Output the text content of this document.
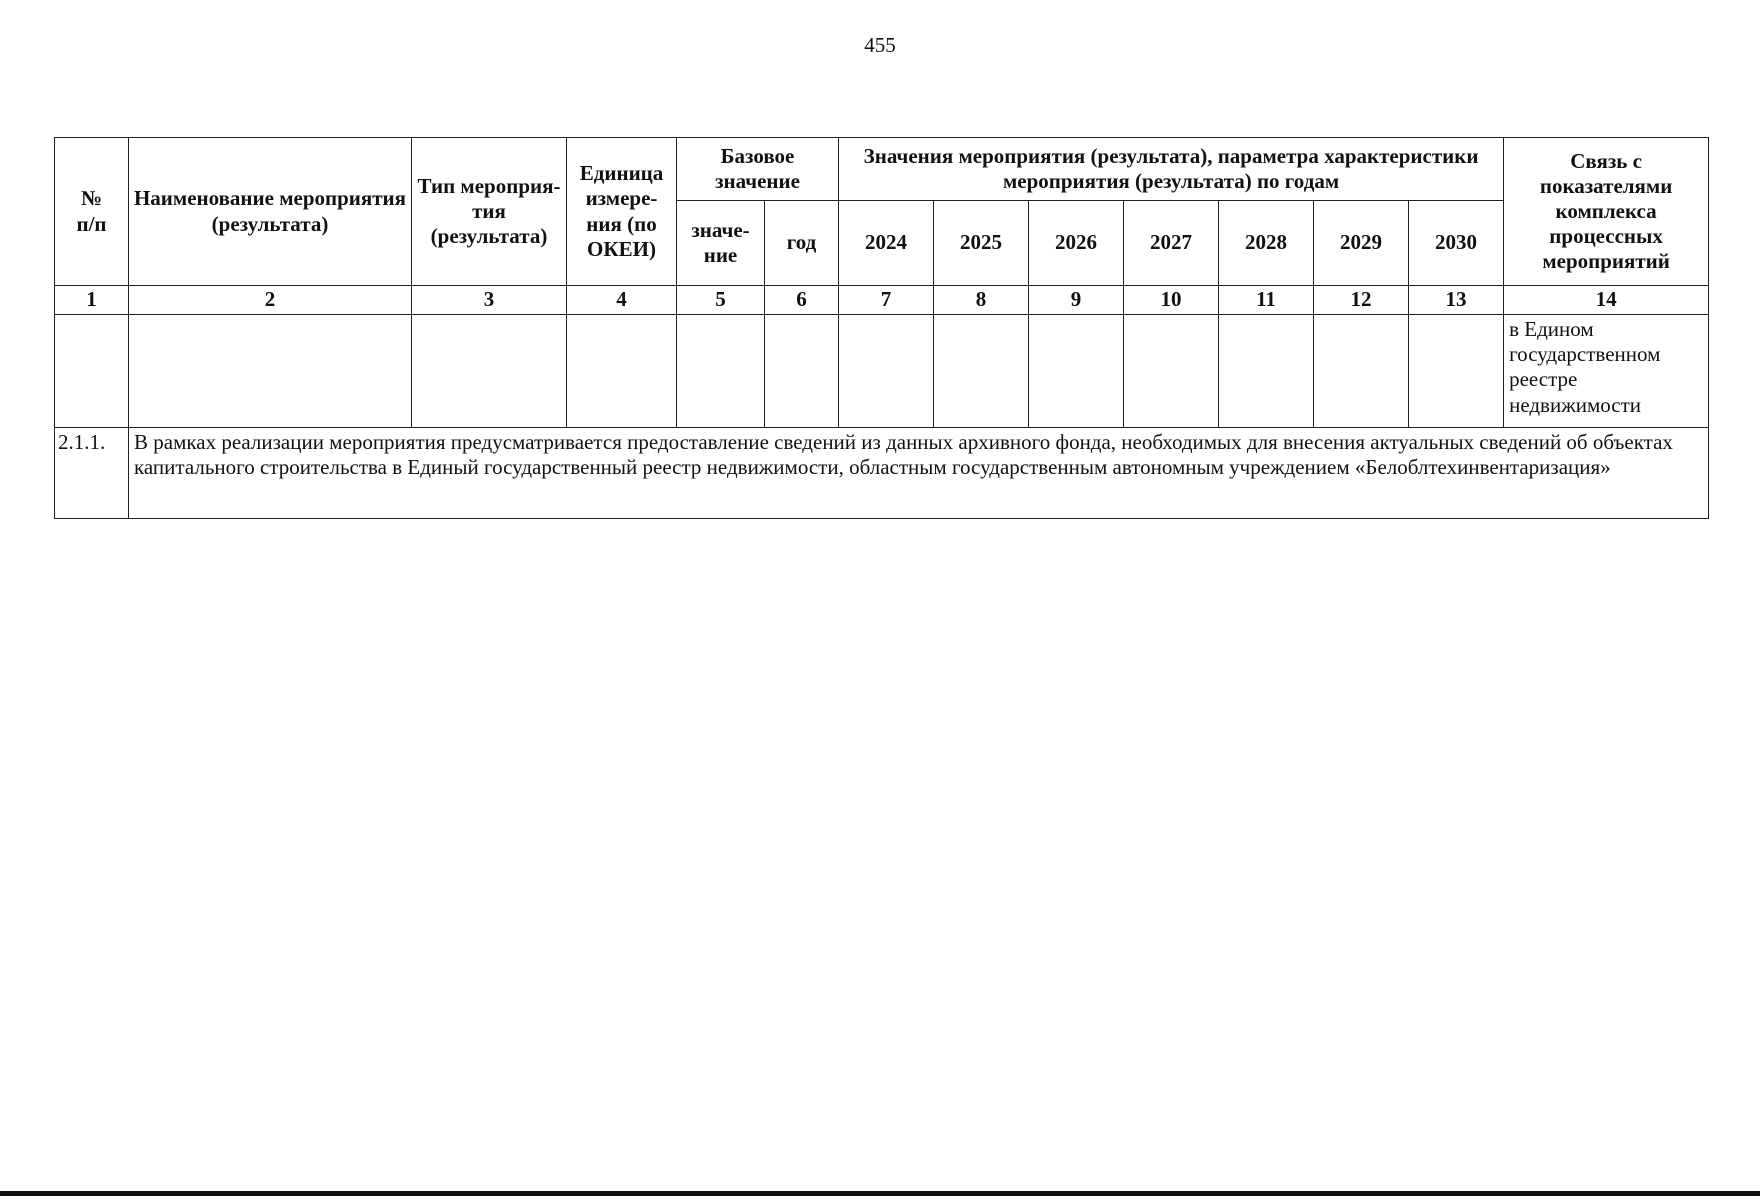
455
№
п/п	Наименование мероприятия (результата)	Тип мероприя-тия (результата)	Единица измере-ния (по ОКЕИ)	Базовое значение		Значения мероприятия (результата), параметра характеристики мероприятия (результата) по годам							Связь с показателями комплекса процессных мероприятий
				значе-ние	год	2024	2025	2026	2027	2028	2029	2030	
1	2	3	4	5	6	7	8	9	10	11	12	13	14
													в Едином государственном реестре недвижимости
2.1.1.	В рамках реализации мероприятия предусматривается предоставление сведений из данных архивного фонда, необходимых для внесения актуальных сведений об объектах капитального строительства в Единый государственный реестр недвижимости, областным государственным автономным учреждением «Белоблтехинвентаризация»												
